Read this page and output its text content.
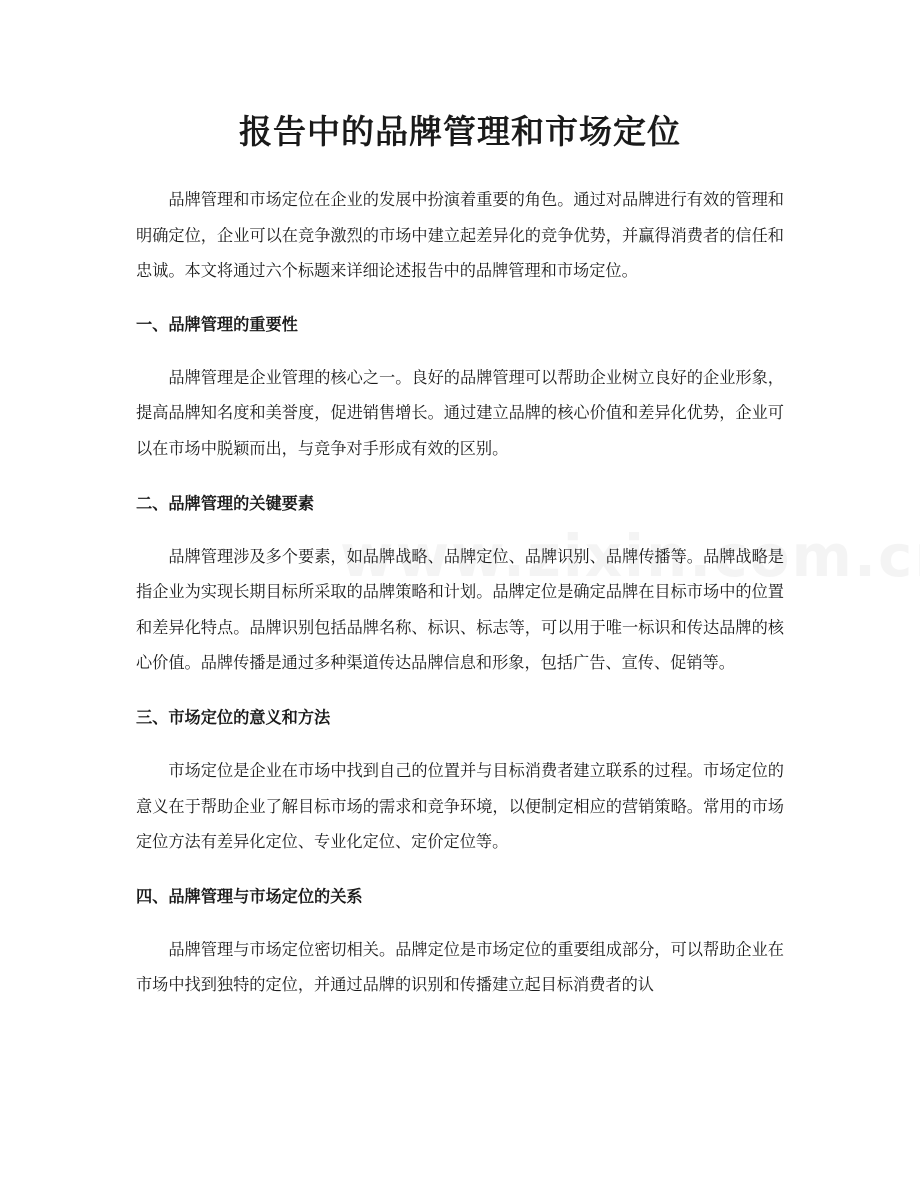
报告中的品牌管理和市场定位

品牌管理和市场定位在企业的发展中扮演着重要的角色。通过对品牌进行有效的管理和明确定位，企业可以在竞争激烈的市场中建立起差异化的竞争优势，并赢得消费者的信任和忠诚。本文将通过六个标题来详细论述报告中的品牌管理和市场定位。

一、品牌管理的重要性

品牌管理是企业管理的核心之一。良好的品牌管理可以帮助企业树立良好的企业形象，提高品牌知名度和美誉度，促进销售增长。通过建立品牌的核心价值和差异化优势，企业可以在市场中脱颖而出，与竞争对手形成有效的区别。

二、品牌管理的关键要素

品牌管理涉及多个要素，如品牌战略、品牌定位、品牌识别、品牌传播等。品牌战略是指企业为实现长期目标所采取的品牌策略和计划。品牌定位是确定品牌在目标市场中的位置和差异化特点。品牌识别包括品牌名称、标识、标志等，可以用于唯一标识和传达品牌的核心价值。品牌传播是通过多种渠道传达品牌信息和形象，包括广告、宣传、促销等。

三、市场定位的意义和方法

市场定位是企业在市场中找到自己的位置并与目标消费者建立联系的过程。市场定位的意义在于帮助企业了解目标市场的需求和竞争环境，以便制定相应的营销策略。常用的市场定位方法有差异化定位、专业化定位、定价定位等。

四、品牌管理与市场定位的关系

品牌管理与市场定位密切相关。品牌定位是市场定位的重要组成部分，可以帮助企业在市场中找到独特的定位，并通过品牌的识别和传播建立起目标消费者的认
